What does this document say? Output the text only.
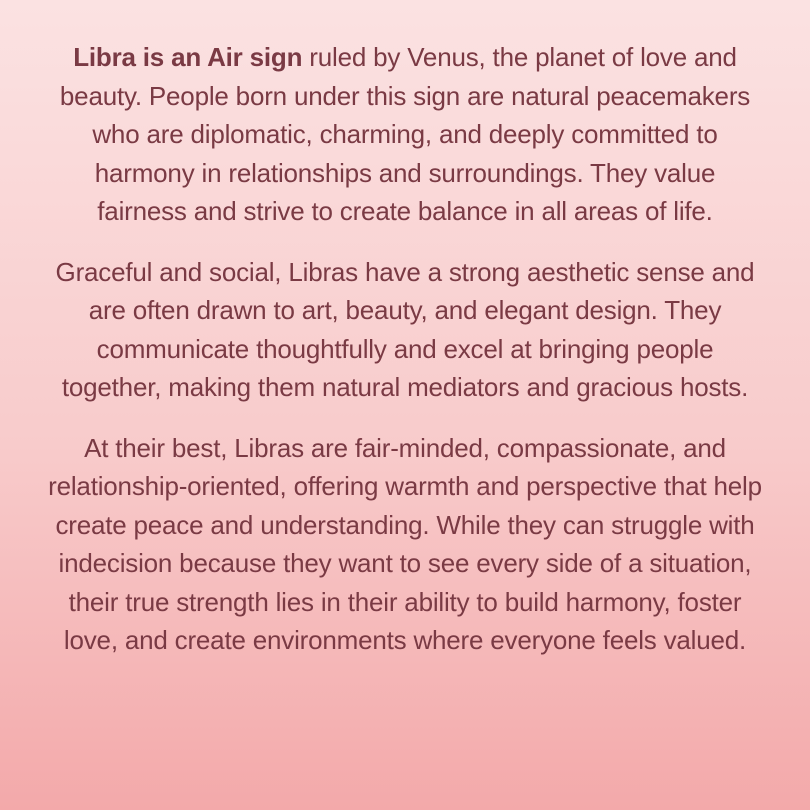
Libra is an Air sign ruled by Venus, the planet of love and beauty. People born under this sign are natural peacemakers who are diplomatic, charming, and deeply committed to harmony in relationships and surroundings. They value fairness and strive to create balance in all areas of life.

Graceful and social, Libras have a strong aesthetic sense and are often drawn to art, beauty, and elegant design. They communicate thoughtfully and excel at bringing people together, making them natural mediators and gracious hosts.

At their best, Libras are fair-minded, compassionate, and relationship-oriented, offering warmth and perspective that help create peace and understanding. While they can struggle with indecision because they want to see every side of a situation, their true strength lies in their ability to build harmony, foster love, and create environments where everyone feels valued.
